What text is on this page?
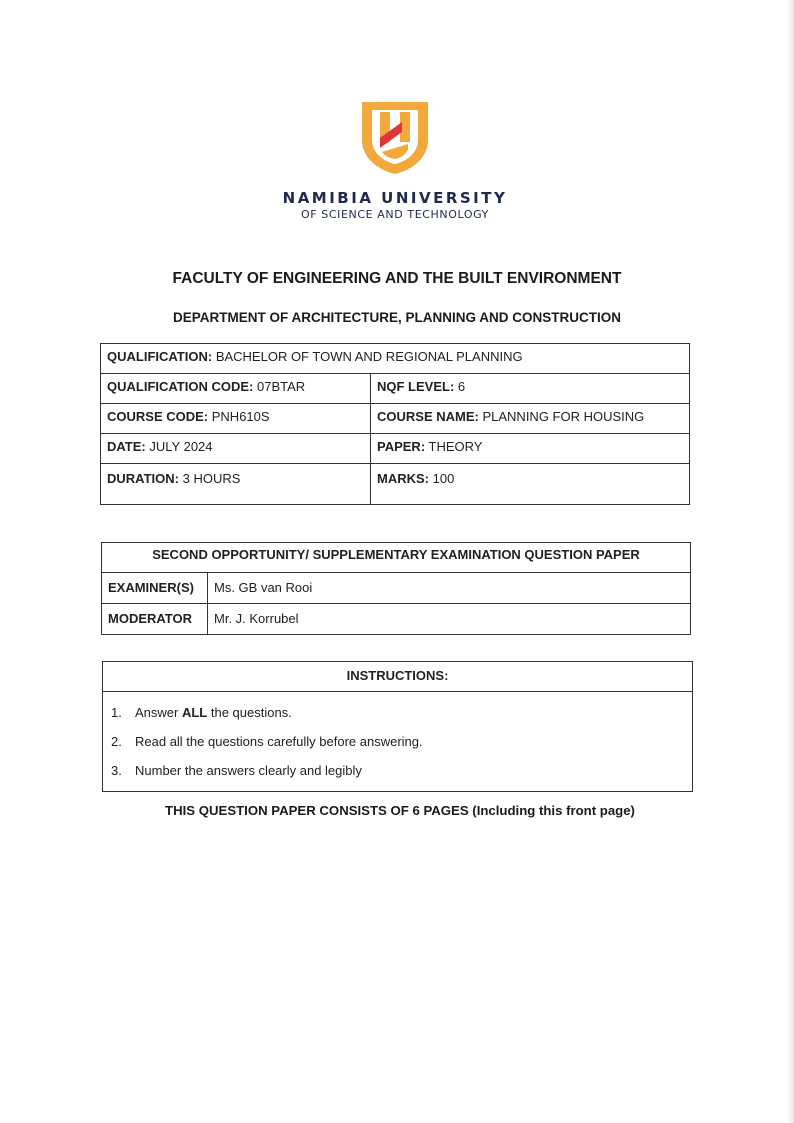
NAMIBIA UNIVERSITY
OF SCIENCE AND TECHNOLOGY
FACULTY OF ENGINEERING AND THE BUILT ENVIRONMENT
DEPARTMENT OF ARCHITECTURE, PLANNING AND CONSTRUCTION
QUALIFICATION: BACHELOR OF TOWN AND REGIONAL PLANNING	
QUALIFICATION CODE: 07BTAR	NQF LEVEL: 6
COURSE CODE: PNH610S	COURSE NAME: PLANNING FOR HOUSING
DATE: JULY 2024	PAPER: THEORY
DURATION: 3 HOURS	MARKS: 100
SECOND OPPORTUNITY/ SUPPLEMENTARY EXAMINATION QUESTION PAPER	
EXAMINER(S)	Ms. GB van Rooi
MODERATOR	Mr. J. Korrubel
INSTRUCTIONS:

1. Answer ALL the questions.
2. Read all the questions carefully before answering.
3. Number the answers clearly and legibly
THIS QUESTION PAPER CONSISTS OF 6 PAGES (Including this front page)
